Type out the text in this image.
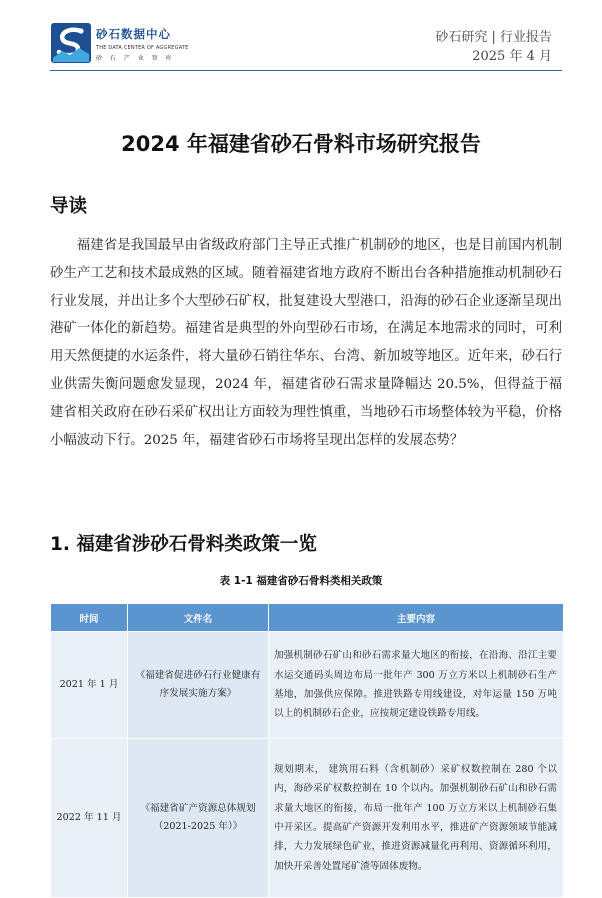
砂石数据中心
THE DATA CENTER OF AGGREGATE
砂 石 产 业 智 库
砂石研究 | 行业报告
2025 年 4 月
2024 年福建省砂石骨料市场研究报告
导读

福建省是我国最早由省级政府部门主导正式推广机制砂的地区，也是目前国内机制砂生产工艺和技术最成熟的区域。随着福建省地方政府不断出台各种措施推动机制砂石行业发展，并出让多个大型砂石矿权，批复建设大型港口，沿海的砂石企业逐渐呈现出港矿一体化的新趋势。福建省是典型的外向型砂石市场，在满足本地需求的同时，可利用天然便捷的水运条件，将大量砂石销往华东、台湾、新加坡等地区。近年来，砂石行业供需失衡问题愈发显现，2024 年，福建省砂石需求量降幅达 20.5%，但得益于福建省相关政府在砂石采矿权出让方面较为理性慎重，当地砂石市场整体较为平稳，价格小幅波动下行。2025 年，福建省砂石市场将呈现出怎样的发展态势？

1. 福建省涉砂石骨料类政策一览
表 1-1 福建省砂石骨料类相关政策
时间	文件名	主要内容
2021 年 1 月	《福建省促进砂石行业健康有序发展实施方案》	加强机制砂石矿山和砂石需求量大地区的衔接，在沿海、沿江主要水运交通码头周边布局一批年产 300 万立方米以上机制砂石生产基地，加强供应保障。推进铁路专用线建设，对年运量 150 万吨以上的机制砂石企业，应按规定建设铁路专用线。
2022 年 11 月	《福建省矿产资源总体规划（2021-2025 年）》	规划期末， 建筑用石料（含机制砂）采矿权数控制在 280 个以内，海砂采矿权数控制在 10 个以内。加强机制砂石矿山和砂石需求量大地区的衔接，布局一批年产 100 万立方米以上机制砂石集中开采区。提高矿产资源开发利用水平，推进矿产资源领域节能减排，大力发展绿色矿业，推进资源减量化再利用、资源循环利用，加快开采善处置尾矿渣等固体废物。
